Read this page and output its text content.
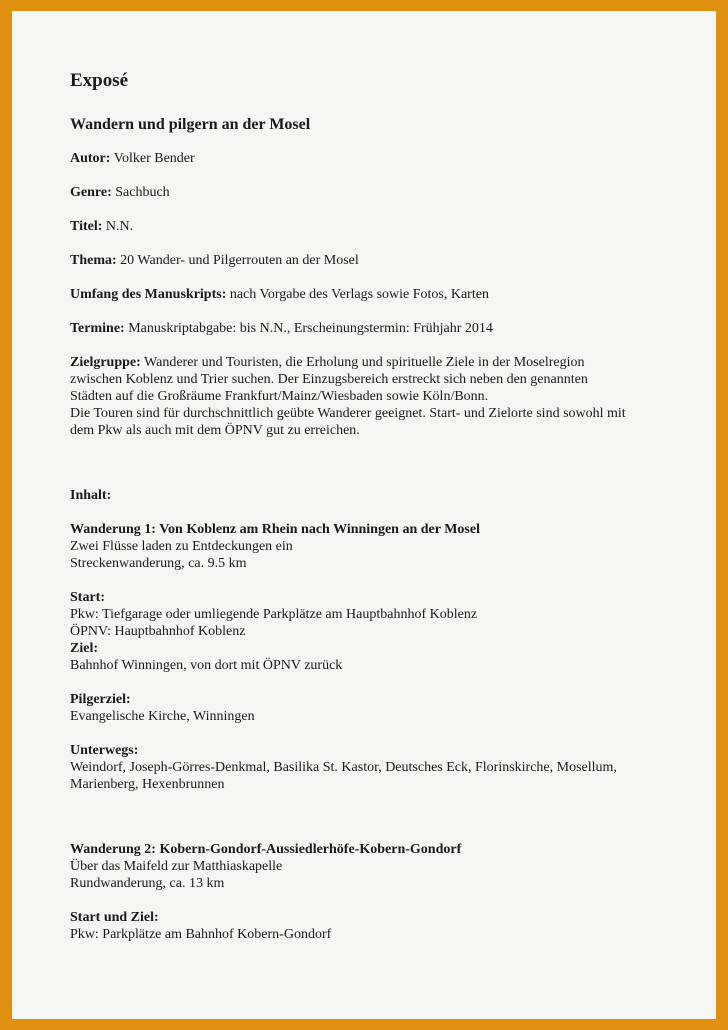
Exposé
Wandern und pilgern an der Mosel

Autor: Volker Bender

Genre: Sachbuch

Titel: N.N.

Thema: 20 Wander- und Pilgerrouten an der Mosel

Umfang des Manuskripts: nach Vorgabe des Verlags sowie Fotos, Karten

Termine: Manuskriptabgabe: bis N.N., Erscheinungstermin: Frühjahr 2014

Zielgruppe: Wanderer und Touristen, die Erholung und spirituelle Ziele in der Moselregion

zwischen Koblenz und Trier suchen. Der Einzugsbereich erstreckt sich neben den genannten

Städten auf die Großräume Frankfurt/Mainz/Wiesbaden sowie Köln/Bonn.

Die Touren sind für durchschnittlich geübte Wanderer geeignet. Start- und Zielorte sind sowohl mit

dem Pkw als auch mit dem ÖPNV gut zu erreichen.

Inhalt:

Wanderung 1: Von Koblenz am Rhein nach Winningen an der Mosel

Zwei Flüsse laden zu Entdeckungen ein

Streckenwanderung, ca. 9.5 km

Start:

Pkw: Tiefgarage oder umliegende Parkplätze am Hauptbahnhof Koblenz

ÖPNV: Hauptbahnhof Koblenz

Ziel:

Bahnhof Winningen, von dort mit ÖPNV zurück

Pilgerziel:

Evangelische Kirche, Winningen

Unterwegs:

Weindorf, Joseph-Görres-Denkmal, Basilika St. Kastor, Deutsches Eck, Florinskirche, Mosellum,

Marienberg, Hexenbrunnen

Wanderung 2: Kobern-Gondorf-Aussiedlerhöfe-Kobern-Gondorf

Über das Maifeld zur Matthiaskapelle

Rundwanderung, ca. 13 km

Start und Ziel:

Pkw: Parkplätze am Bahnhof Kobern-Gondorf
